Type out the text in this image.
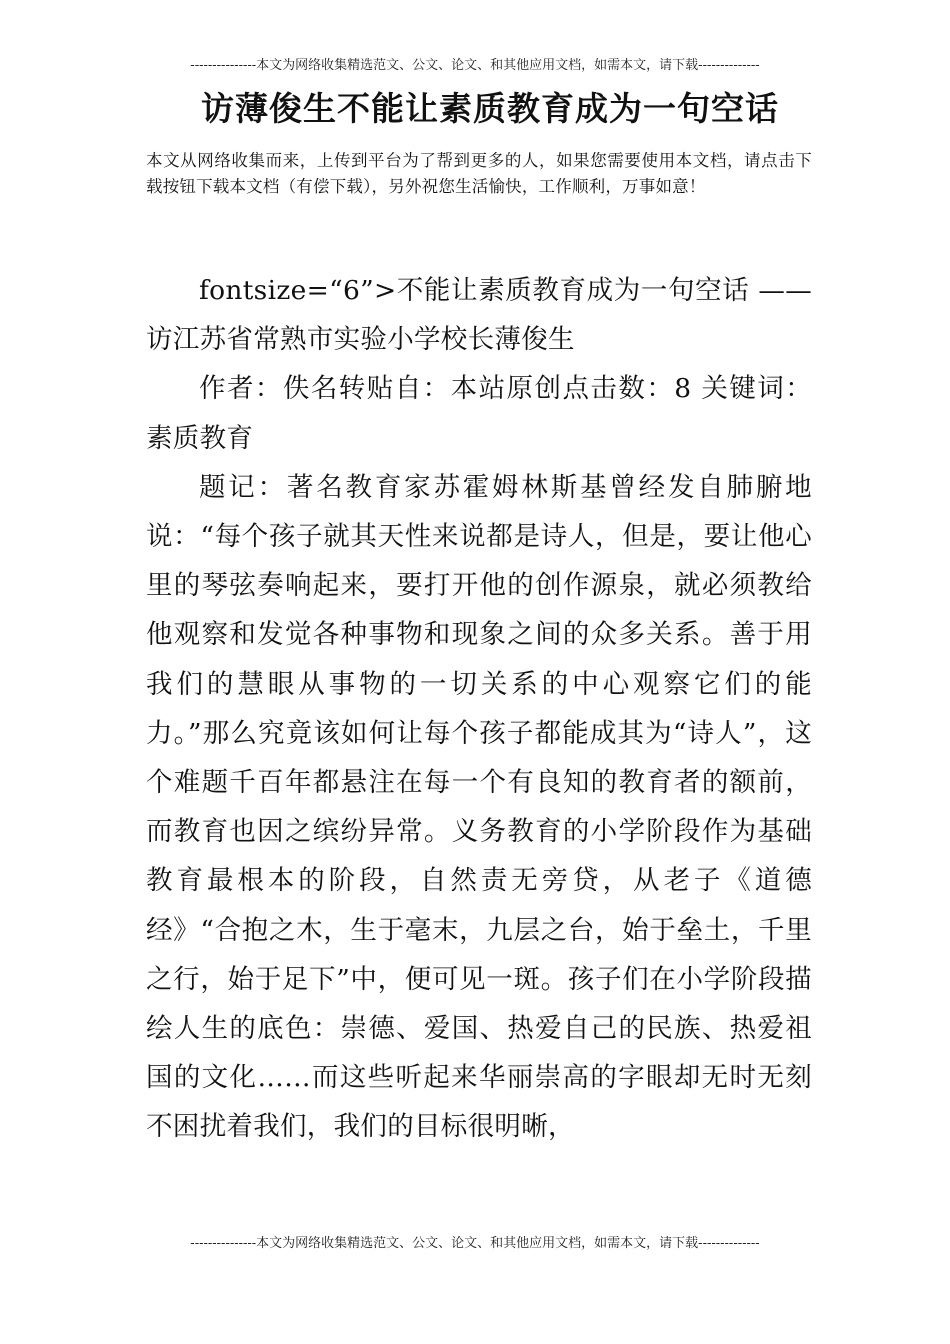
---------------本文为网络收集精选范文、公文、论文、和其他应用文档，如需本文，请下载--------------
访薄俊生不能让素质教育成为一句空话

本文从网络收集而来，上传到平台为了帮到更多的人，如果您需要使用本文档，请点击下载按钮下载本文档（有偿下载），另外祝您生活愉快，工作顺利，万事如意！

fontsize=“6”>不能让素质教育成为一句空话 ——访江苏省常熟市实验小学校长薄俊生

作者：佚名转贴自：本站原创点击数：8 关键词：素质教育

题记：著名教育家苏霍姆林斯基曾经发自肺腑地说：“每个孩子就其天性来说都是诗人，但是，要让他心里的琴弦奏响起来，要打开他的创作源泉，就必须教给他观察和发觉各种事物和现象之间的众多关系。善于用我们的慧眼从事物的一切关系的中心观察它们的能力。”那么究竟该如何让每个孩子都能成其为“诗人”，这个难题千百年都悬注在每一个有良知的教育者的额前，而教育也因之缤纷异常。义务教育的小学阶段作为基础教育最根本的阶段，自然责无旁贷，从老子《道德经》“合抱之木，生于毫末，九层之台，始于垒土，千里之行，始于足下”中，便可见一斑。孩子们在小学阶段描绘人生的底色：崇德、爱国、热爱自己的民族、热爱祖国的文化……而这些听起来华丽崇高的字眼却无时无刻不困扰着我们，我们的目标很明晰，

---------------本文为网络收集精选范文、公文、论文、和其他应用文档，如需本文，请下载--------------
